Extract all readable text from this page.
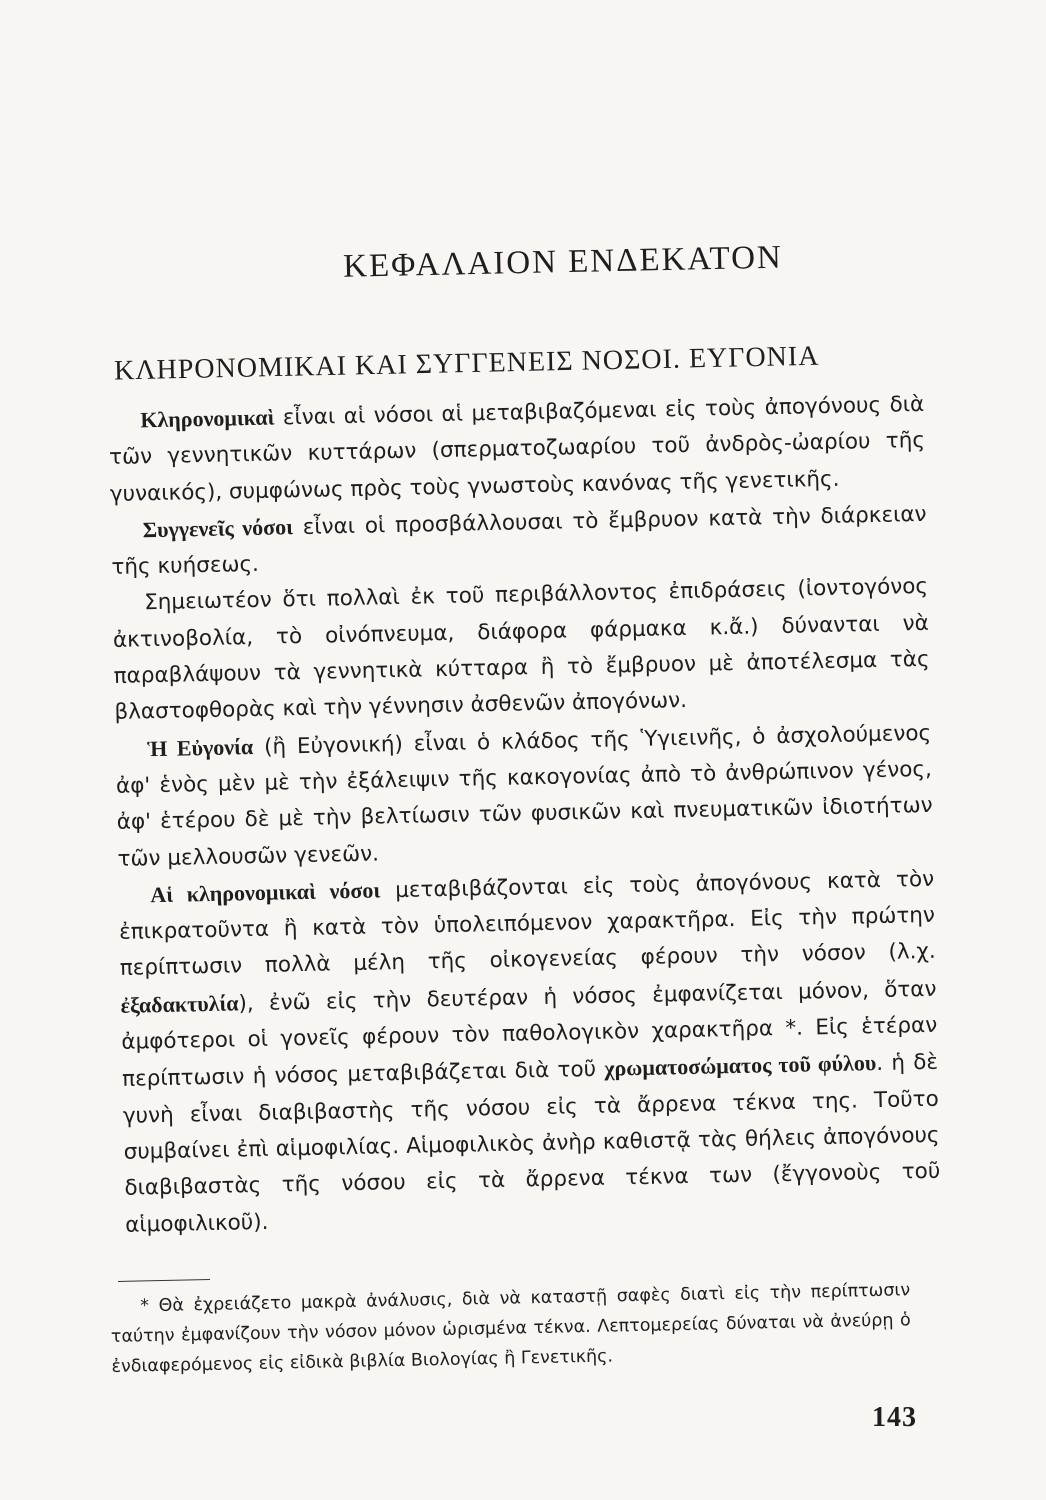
ΚΕΦΑΛΑΙΟΝ ΕΝΔΕΚΑΤΟΝ
ΚΛΗΡΟΝΟΜΙΚΑΙ ΚΑΙ ΣΥΓΓΕΝΕΙΣ ΝΟΣΟΙ. ΕΥΓΟΝΙΑ

Κληρονομικαὶ εἶναι αἱ νόσοι αἱ μεταβιβαζόμεναι εἰς τοὺς ἀπογόνους διὰ τῶν γεννητικῶν κυττάρων (σπερματοζωαρίου τοῦ ἀνδρὸς-ὠαρίου τῆς γυναικός), συμφώνως πρὸς τοὺς γνωστοὺς κανόνας τῆς γενετικῆς.

Συγγενεῖς νόσοι εἶναι οἱ προσβάλλουσαι τὸ ἔμβρυον κατὰ τὴν διάρκειαν τῆς κυήσεως.

Σημειωτέον ὅτι πολλαὶ ἐκ τοῦ περιβάλλοντος ἐπιδράσεις (ἰοντογόνος ἀκτινοβολία, τὸ οἰνόπνευμα, διάφορα φάρμακα κ.ἄ.) δύνανται νὰ παραβλάψουν τὰ γεννητικὰ κύτταρα ἢ τὸ ἔμβρυον μὲ ἀποτέλεσμα τὰς βλαστοφθορὰς καὶ τὴν γέννησιν ἀσθενῶν ἀπογόνων.

Ἡ Εὐγονία (ἢ Εὐγονική) εἶναι ὁ κλάδος τῆς Ὑγιεινῆς, ὁ ἀσχολούμενος ἀφ' ἑνὸς μὲν μὲ τὴν ἐξάλειψιν τῆς κακογονίας ἀπὸ τὸ ἀνθρώπινον γένος, ἀφ' ἑτέρου δὲ μὲ τὴν βελτίωσιν τῶν φυσικῶν καὶ πνευματικῶν ἰδιοτήτων τῶν μελλουσῶν γενεῶν.

Αἱ κληρονομικαὶ νόσοι μεταβιβάζονται εἰς τοὺς ἀπογόνους κατὰ τὸν ἐπικρατοῦντα ἢ κατὰ τὸν ὑπολειπόμενον χαρακτῆρα. Εἰς τὴν πρώτην περίπτωσιν πολλὰ μέλη τῆς οἰκογενείας φέρουν τὴν νόσον (λ.χ. ἐξαδακτυλία), ἐνῶ εἰς τὴν δευτέραν ἡ νόσος ἐμφανίζεται μόνον, ὅταν ἀμφότεροι οἱ γονεῖς φέρουν τὸν παθολογικὸν χαρακτῆρα *. Εἰς ἑτέραν περίπτωσιν ἡ νόσος μεταβιβάζεται διὰ τοῦ χρωματοσώματος τοῦ φύλου. ἡ δὲ γυνὴ εἶναι διαβιβαστὴς τῆς νόσου εἰς τὰ ἄρρενα τέκνα της. Τοῦτο συμβαίνει ἐπὶ αἱμοφιλίας. Αἱμοφιλικὸς ἀνὴρ καθιστᾷ τὰς θήλεις ἀπογόνους διαβιβαστὰς τῆς νόσου εἰς τὰ ἄρρενα τέκνα των (ἔγγονοὺς τοῦ αἱμοφιλικοῦ).

* Θὰ ἐχρειάζετο μακρὰ ἀνάλυσις, διὰ νὰ καταστῇ σαφὲς διατὶ εἰς τὴν περίπτωσιν ταύτην ἐμφανίζουν τὴν νόσον μόνον ὡρισμένα τέκνα. Λεπτομερείας δύναται νὰ ἀνεύρῃ ὁ ἐνδιαφερόμενος εἰς εἰδικὰ βιβλία Βιολογίας ἢ Γενετικῆς.
143
